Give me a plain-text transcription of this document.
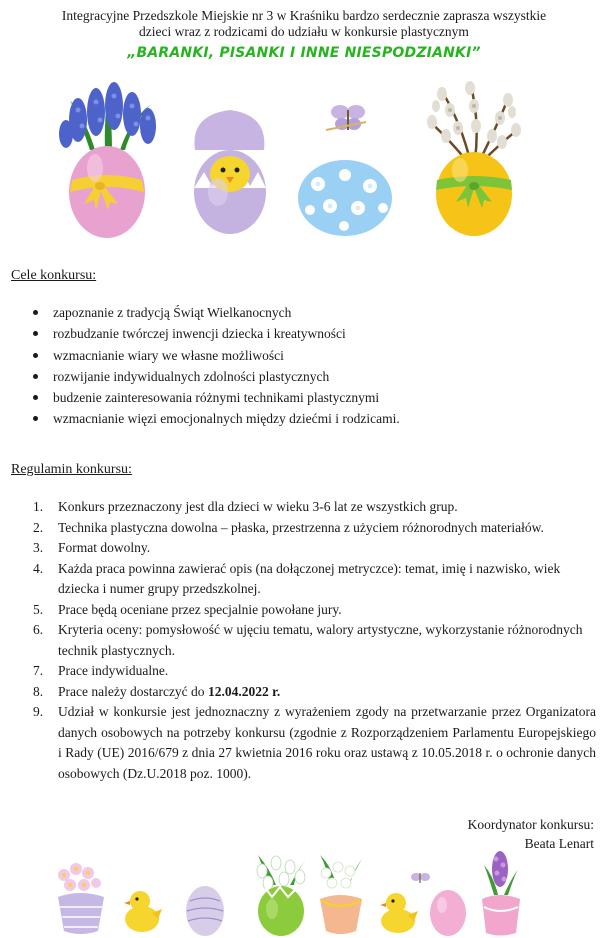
Integracyjne Przedszkole Miejskie nr 3 w Kraśniku bardzo serdecznie zaprasza wszystkie
dzieci wraz z rodzicami do udziału w konkursie plastycznym
„BARANKI, PISANKI I INNE NIESPODZIANKI”
Cele konkursu:
zapoznanie z tradycją Świąt Wielkanocnych
rozbudzanie twórczej inwencji dziecka i kreatywności
wzmacnianie wiary we własne możliwości
rozwijanie indywidualnych zdolności plastycznych
budzenie zainteresowania różnymi technikami plastycznymi
wzmacnianie więzi emocjonalnych między dziećmi i rodzicami.
Regulamin konkursu:
1. Konkurs przeznaczony jest dla dzieci w wieku 3-6 lat ze wszystkich grup.
2. Technika plastyczna dowolna – płaska, przestrzenna z użyciem różnorodnych materiałów.
3. Format dowolny.
4. Każda praca powinna zawierać opis (na dołączonej metryczce): temat, imię i nazwisko, wiek dziecka i numer grupy przedszkolnej.
5. Prace będą oceniane przez specjalnie powołane jury.
6. Kryteria oceny: pomysłowość w ujęciu tematu, walory artystyczne, wykorzystanie różnorodnych technik plastycznych.
7. Prace indywidualne.
8. Prace należy dostarczyć do 12.04.2022 r.
9. Udział w konkursie jest jednoznaczny z wyrażeniem zgody na przetwarzanie przez Organizatora danych osobowych na potrzeby konkursu (zgodnie z Rozporządzeniem Parlamentu Europejskiego i Rady (UE) 2016/679 z dnia 27 kwietnia 2016 roku oraz ustawą z 10.05.2018 r. o ochronie danych osobowych (Dz.U.2018 poz. 1000).
Koordynator konkursu:
Beata Lenart
